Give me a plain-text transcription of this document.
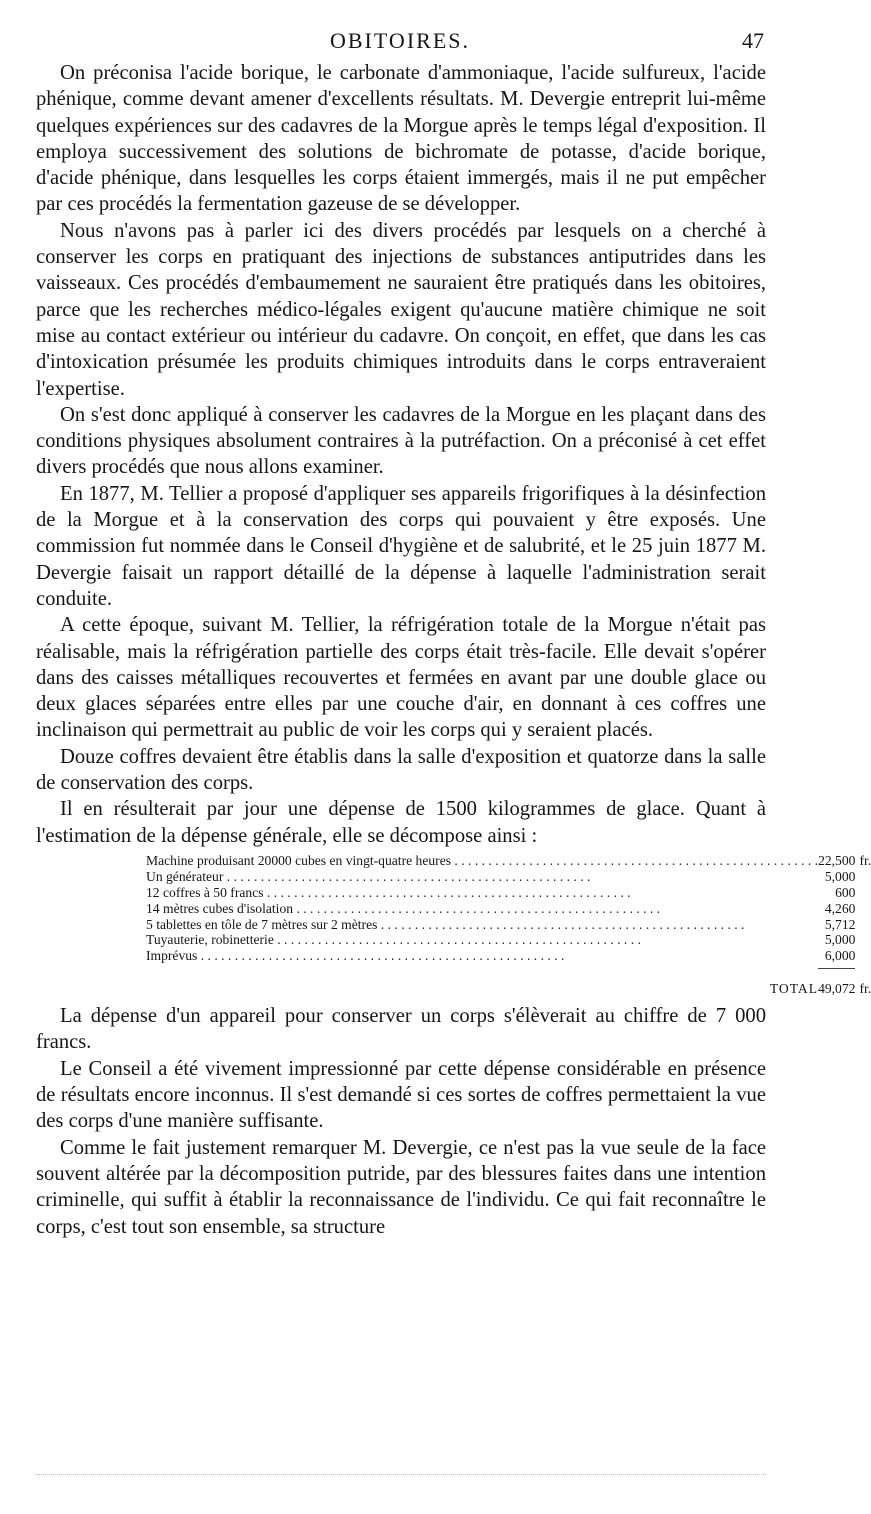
OBITOIRES.	47

On préconisa l'acide borique, le carbonate d'ammoniaque, l'acide sulfureux, l'acide phénique, comme devant amener d'excellents résultats. M. Devergie entreprit lui-même quelques expériences sur des cadavres de la Morgue après le temps légal d'exposition. Il employa successivement des solutions de bichromate de potasse, d'acide borique, d'acide phénique, dans lesquelles les corps étaient immergés, mais il ne put empêcher par ces procédés la fermentation gazeuse de se développer.

Nous n'avons pas à parler ici des divers procédés par lesquels on a cherché à conserver les corps en pratiquant des injections de substances antiputrides dans les vaisseaux. Ces procédés d'embaumement ne sauraient être pratiqués dans les obitoires, parce que les recherches médico-légales exigent qu'aucune matière chimique ne soit mise au contact extérieur ou intérieur du cadavre. On conçoit, en effet, que dans les cas d'intoxication présumée les produits chimiques introduits dans le corps entraveraient l'expertise.

On s'est donc appliqué à conserver les cadavres de la Morgue en les plaçant dans des conditions physiques absolument contraires à la putréfaction. On a préconisé à cet effet divers procédés que nous allons examiner.

En 1877, M. Tellier a proposé d'appliquer ses appareils frigorifiques à la désinfection de la Morgue et à la conservation des corps qui pouvaient y être exposés. Une commission fut nommée dans le Conseil d'hygiène et de salubrité, et le 25 juin 1877 M. Devergie faisait un rapport détaillé de la dépense à laquelle l'administration serait conduite.

A cette époque, suivant M. Tellier, la réfrigération totale de la Morgue n'était pas réalisable, mais la réfrigération partielle des corps était très-facile. Elle devait s'opérer dans des caisses métalliques recouvertes et fermées en avant par une double glace ou deux glaces séparées entre elles par une couche d'air, en donnant à ces coffres une inclinaison qui permettrait au public de voir les corps qui y seraient placés.

Douze coffres devaient être établis dans la salle d'exposition et quatorze dans la salle de conservation des corps.

Il en résulterait par jour une dépense de 1500 kilogrammes de glace. Quant à l'estimation de la dépense générale, elle se décompose ainsi :

Machine produisant 20000 cubes en vingt-quatre heures . . .	22,500	fr.
Un générateur . . .	5,000	
12 coffres à 50 francs . . .	600	
14 mètres cubes d'isolation . . .	4,260	
5 tablettes en tôle de 7 mètres sur 2 mètres . . .	5,712	
Tuyauterie, robinetterie . . .	5,000	
Imprévus . . .	6,000	

TOTAL	49,072	fr.

La dépense d'un appareil pour conserver un corps s'élèverait au chiffre de 7 000 francs.

Le Conseil a été vivement impressionné par cette dépense considérable en présence de résultats encore inconnus. Il s'est demandé si ces sortes de coffres permettaient la vue des corps d'une manière suffisante.

Comme le fait justement remarquer M. Devergie, ce n'est pas la vue seule de la face souvent altérée par la décomposition putride, par des blessures faites dans une intention criminelle, qui suffit à établir la reconnaissance de l'individu. Ce qui fait reconnaître le corps, c'est tout son ensemble, sa structure
